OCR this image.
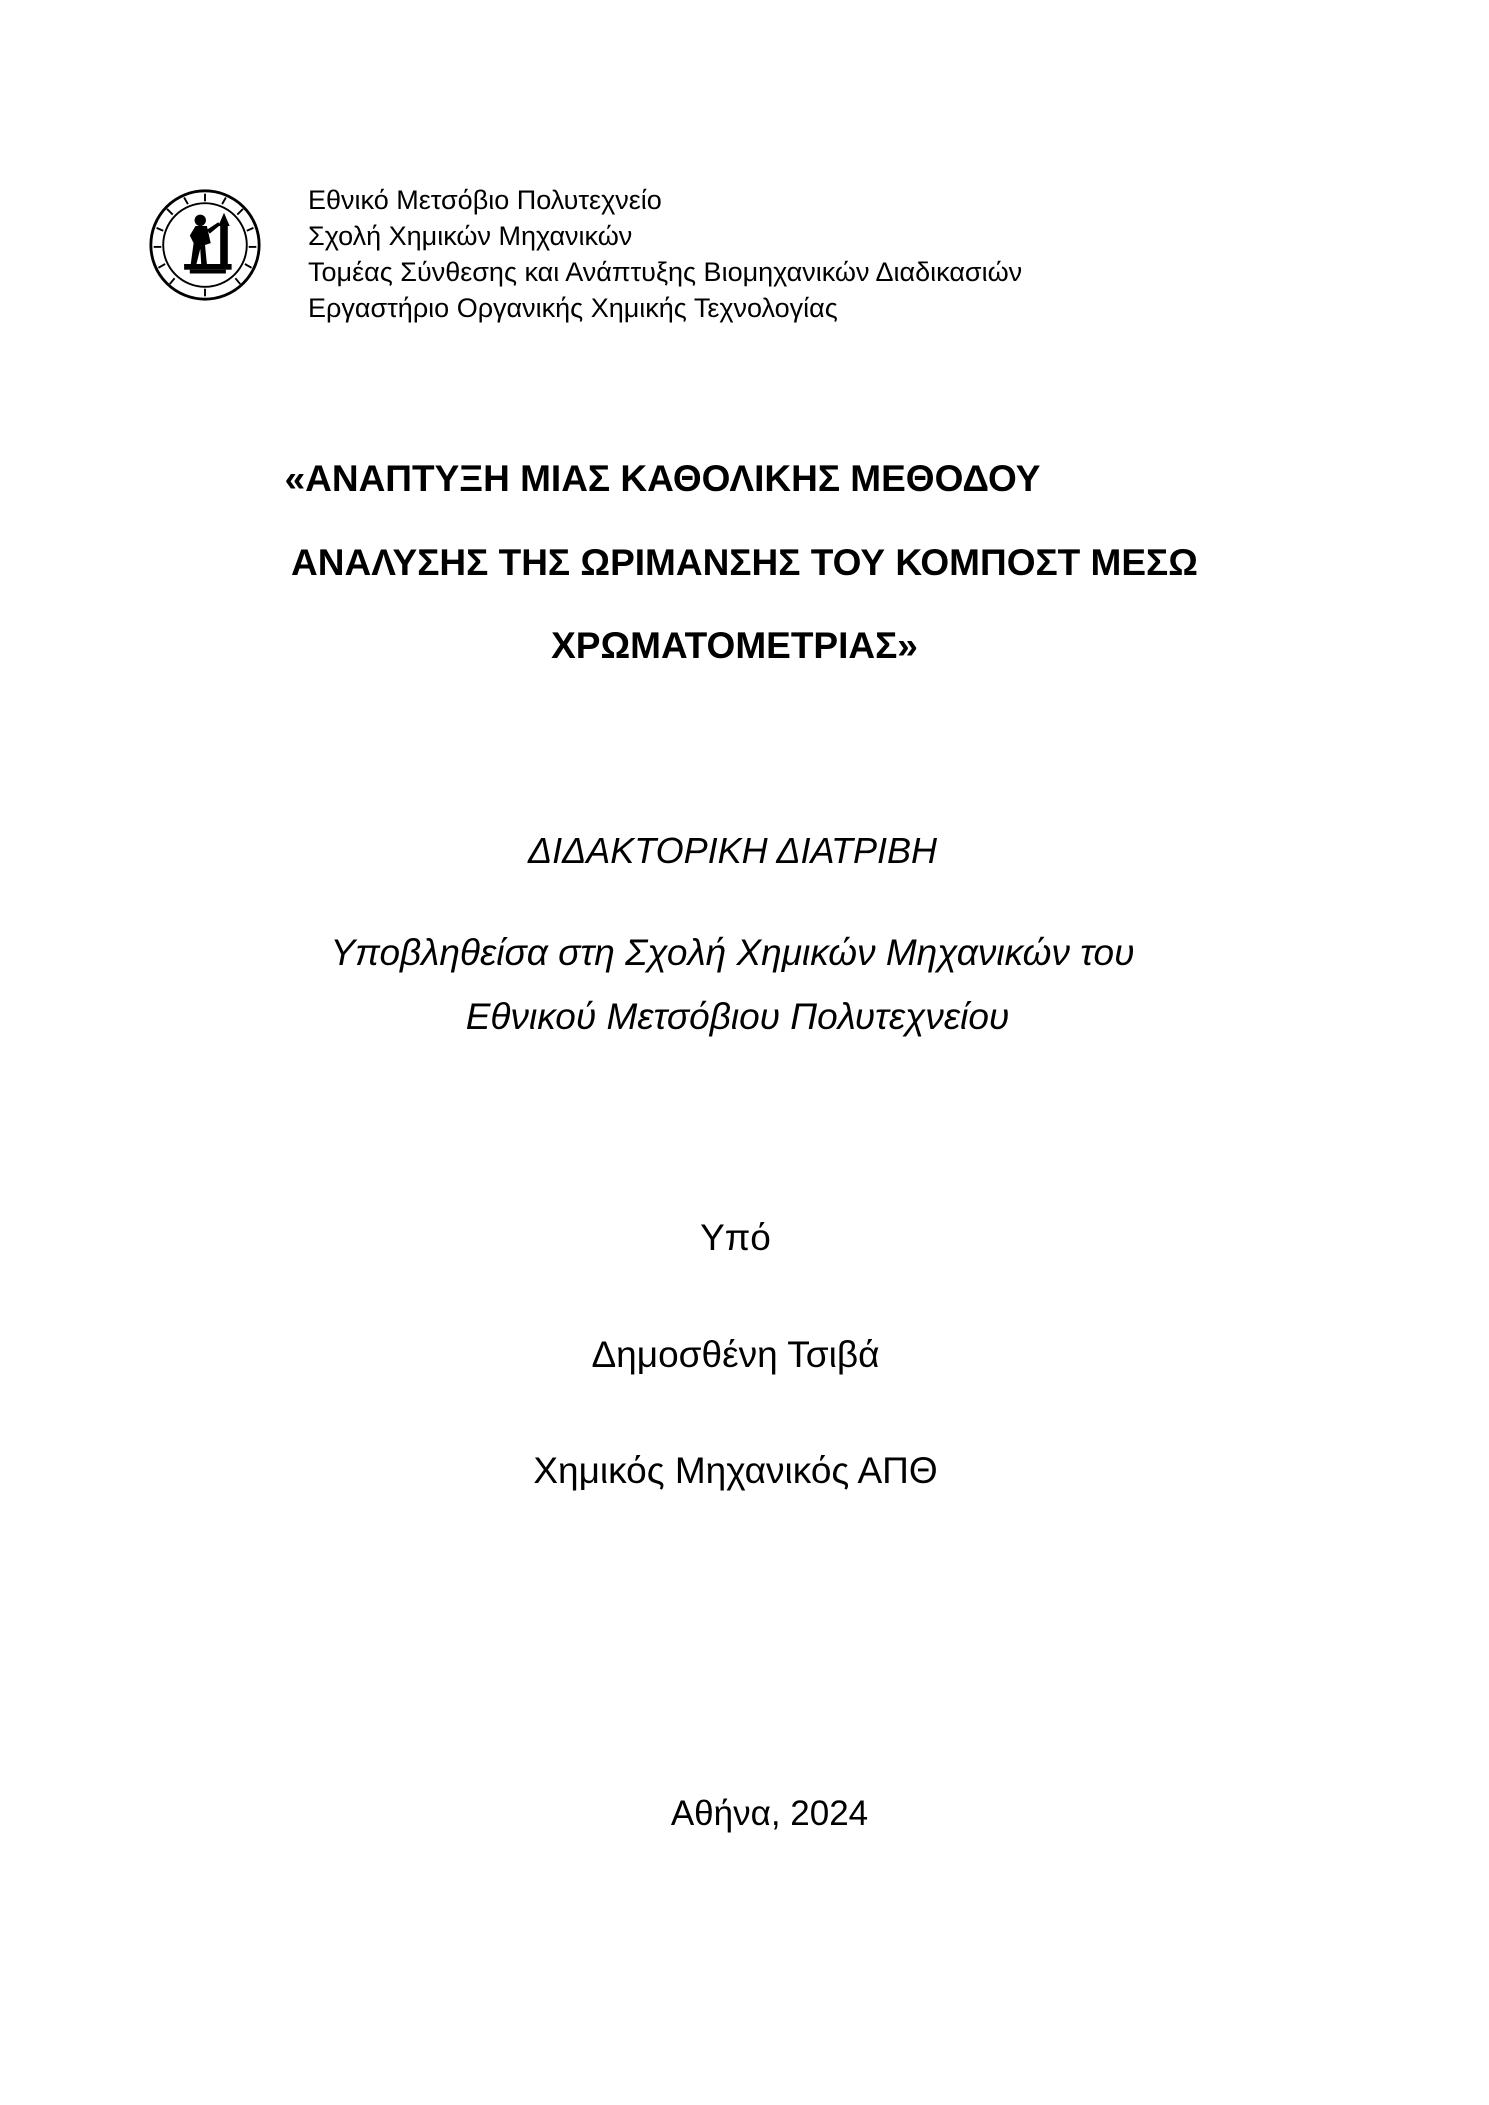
Εθνικό Μετσόβιο Πολυτεχνείο
Σχολή Χημικών Μηχανικών
Τομέας Σύνθεσης και Ανάπτυξης Βιομηχανικών Διαδικασιών
Εργαστήριο Οργανικής Χημικής Τεχνολογίας
«ΑΝΑΠΤΥΞΗ ΜΙΑΣ ΚΑΘΟΛΙΚΗΣ ΜΕΘΟΔΟΥ
ΑΝΑΛΥΣΗΣ ΤΗΣ ΩΡΙΜΑΝΣΗΣ ΤΟΥ ΚΟΜΠΟΣΤ ΜΕΣΩ
ΧΡΩΜΑΤΟΜΕΤΡΙΑΣ»
ΔΙΔΑΚΤΟΡΙΚΗ ΔΙΑΤΡΙΒΗ
Υποβληθείσα στη Σχολή Χημικών Μηχανικών του
Εθνικού Μετσόβιου Πολυτεχνείου
Υπό
Δημοσθένη Τσιβά
Χημικός Μηχανικός ΑΠΘ
Αθήνα, 2024
